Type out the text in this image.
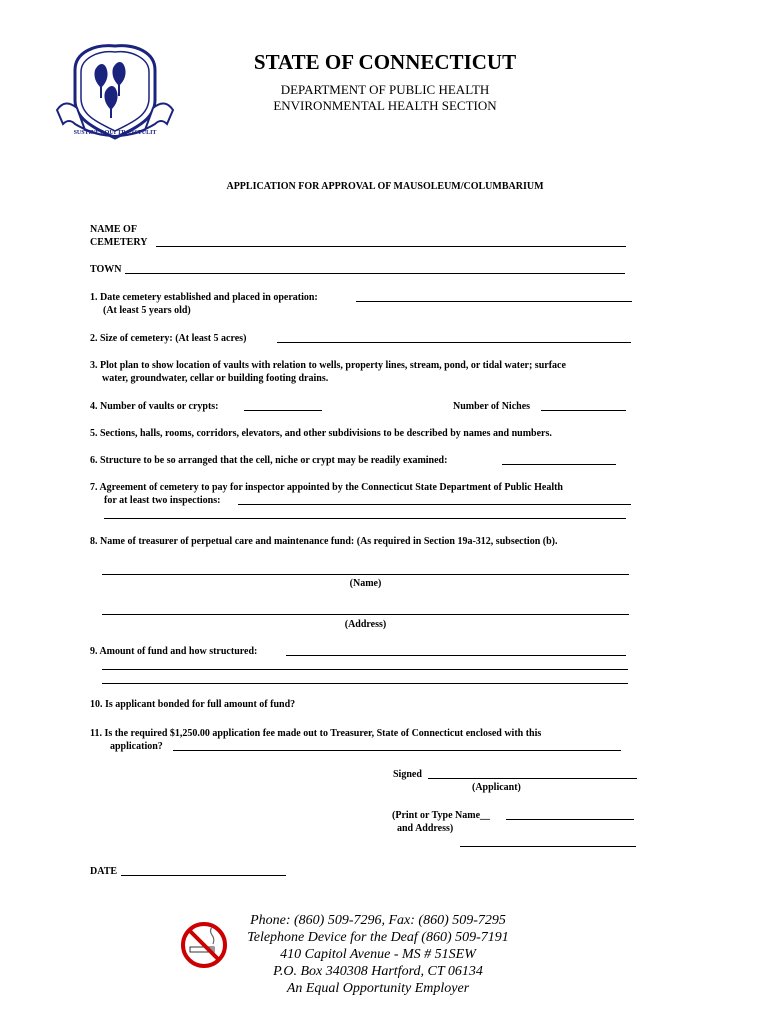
SUSTINET QUI TRANSTULIT
STATE OF CONNECTICUT
DEPARTMENT OF PUBLIC HEALTH
ENVIRONMENTAL HEALTH SECTION
APPLICATION FOR APPROVAL OF MAUSOLEUM/COLUMBARIUM
NAME OF
CEMETERY
TOWN
1. Date cemetery established and placed in operation:
(At least 5 years old)
2. Size of cemetery: (At least 5 acres)
3. Plot plan to show location of vaults with relation to wells, property lines, stream, pond, or tidal water; surface
water, groundwater, cellar or building footing drains.
4. Number of vaults or crypts:	Number of Niches
5. Sections, halls, rooms, corridors, elevators, and other subdivisions to be described by names and numbers.
6. Structure to be so arranged that the cell, niche or crypt may be readily examined:
7. Agreement of cemetery to pay for inspector appointed by the Connecticut State Department of Public Health
for at least two inspections:
8. Name of treasurer of perpetual care and maintenance fund: (As required in Section 19a-312, subsection (b).
(Name)
(Address)
9. Amount of fund and how structured:
10. Is applicant bonded for full amount of fund?
11. Is the required $1,250.00 application fee made out to Treasurer, State of Connecticut enclosed with this
application?
Signed
(Applicant)
(Print or Type Name__
and Address)
DATE
Phone: (860) 509-7296, Fax: (860) 509-7295
Telephone Device for the Deaf (860) 509-7191
410 Capitol Avenue - MS # 51SEW
P.O. Box 340308 Hartford, CT 06134
An Equal Opportunity Employer
